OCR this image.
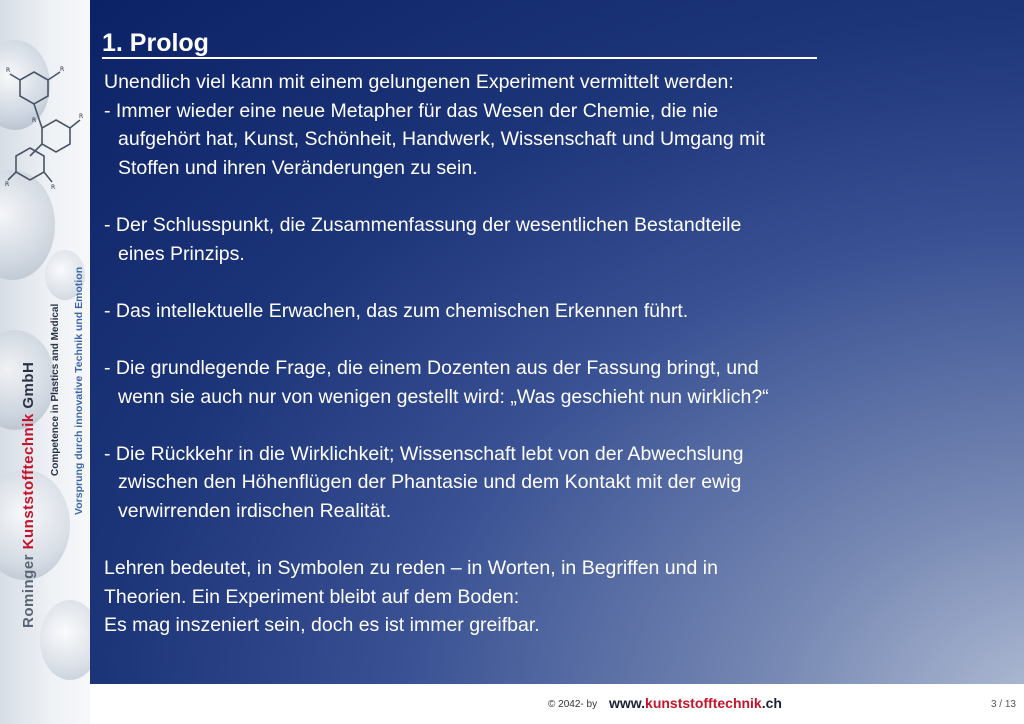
R
R
R
R	R
R
Rominger Kunststofftechnik GmbH Competence in Plastics and Medical Vorsprung durch innovative Technik und Emotion
1. Prolog
Unendlich viel kann mit einem gelungenen Experiment vermittelt werden:
- Immer wieder eine neue Metapher für das Wesen der Chemie, die nie
aufgehört hat, Kunst, Schönheit, Handwerk, Wissenschaft und Umgang mit
Stoffen und ihren Veränderungen zu sein.
- Der Schlusspunkt, die Zusammenfassung der wesentlichen Bestandteile
eines Prinzips.
- Das intellektuelle Erwachen, das zum chemischen Erkennen führt.
- Die grundlegende Frage, die einem Dozenten aus der Fassung bringt, und
wenn sie auch nur von wenigen gestellt wird: „Was geschieht nun wirklich?“
- Die Rückkehr in die Wirklichkeit; Wissenschaft lebt von der Abwechslung
zwischen den Höhenflügen der Phantasie und dem Kontakt mit der ewig
verwirrenden irdischen Realität.
Lehren bedeutet, in Symbolen zu reden – in Worten, in Begriffen und in
Theorien. Ein Experiment bleibt auf dem Boden:
Es mag inszeniert sein, doch es ist immer greifbar.
© 2042- by www.kunststofftechnik.ch	3 / 13
